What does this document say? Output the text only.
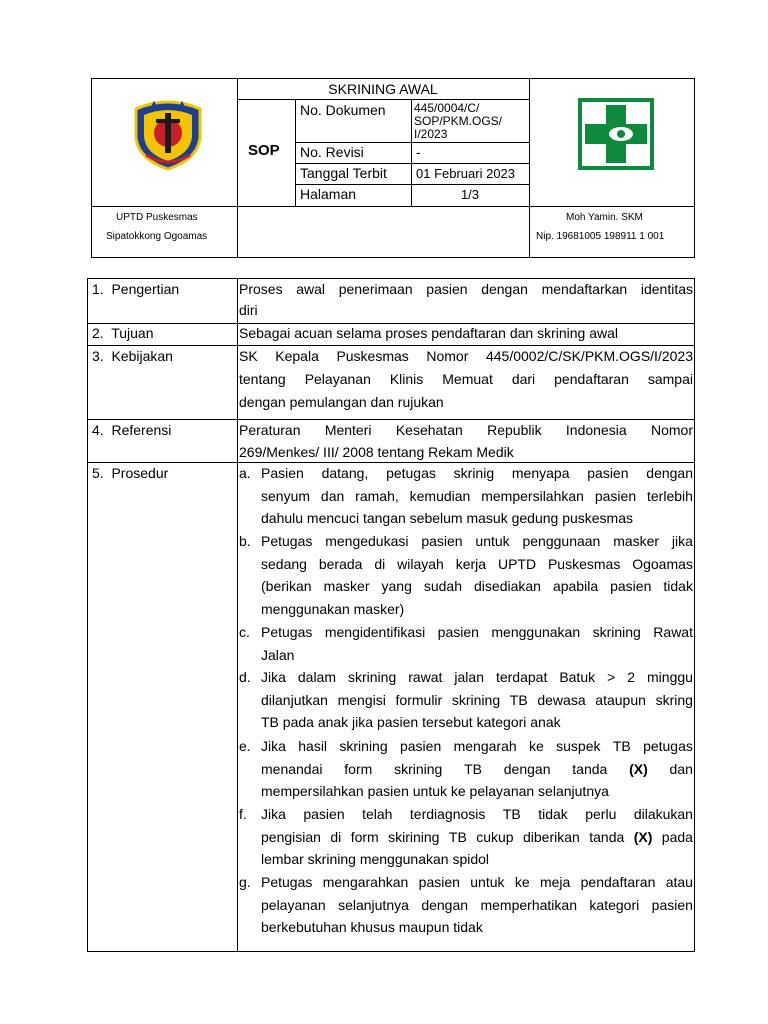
SKRINING AWAL
SOP
No. Dokumen 445/0004/C/
SOP/PKM.OGS/
I/2023
No. Revisi	-
Tanggal Terbit 01 Februari 2023
Halaman	1/3
UPTD Puskesmas
Sipatokkong Ogoamas
Moh Yamin. SKM
Nip. 19681005 198911 1 001
1.  Pengertian
2.  Tujuan
3.  Kebijakan
4.  Referensi
5.  Prosedur
Proses awal penerimaan pasien dengan mendaftarkan identitas
diri
Sebagai acuan selama proses pendaftaran dan skrining awal
SK Kepala Puskesmas Nomor 445/0002/C/SK/PKM.OGS/I/2023
tentang Pelayanan Klinis Memuat dari pendaftaran sampai
dengan pemulangan dan rujukan
Peraturan Menteri Kesehatan Republik Indonesia Nomor
269/Menkes/ III/ 2008 tentang Rekam Medik
a. Pasien datang, petugas skrinig menyapa pasien dengan
senyum dan ramah, kemudian mempersilahkan pasien terlebih
dahulu mencuci tangan sebelum masuk gedung puskesmas
b. Petugas mengedukasi pasien untuk penggunaan masker jika
sedang berada di wilayah kerja UPTD Puskesmas Ogoamas
(berikan masker yang sudah disediakan apabila pasien tidak
menggunakan masker)
c. Petugas mengidentifikasi pasien menggunakan skrining Rawat
Jalan
d. Jika dalam skrining rawat jalan terdapat Batuk > 2 minggu
dilanjutkan mengisi formulir skrining TB dewasa ataupun skring
TB pada anak jika pasien tersebut kategori anak
e. Jika hasil skrining pasien mengarah ke suspek TB petugas
menandai form skrining TB dengan tanda (X) dan
mempersilahkan pasien untuk ke pelayanan selanjutnya
f. Jika pasien telah terdiagnosis TB tidak perlu dilakukan
pengisian di form skirining TB cukup diberikan tanda (X) pada
lembar skrining menggunakan spidol
g. Petugas mengarahkan pasien untuk ke meja pendaftaran atau
pelayanan selanjutnya dengan memperhatikan kategori pasien
berkebutuhan khusus maupun tidak
